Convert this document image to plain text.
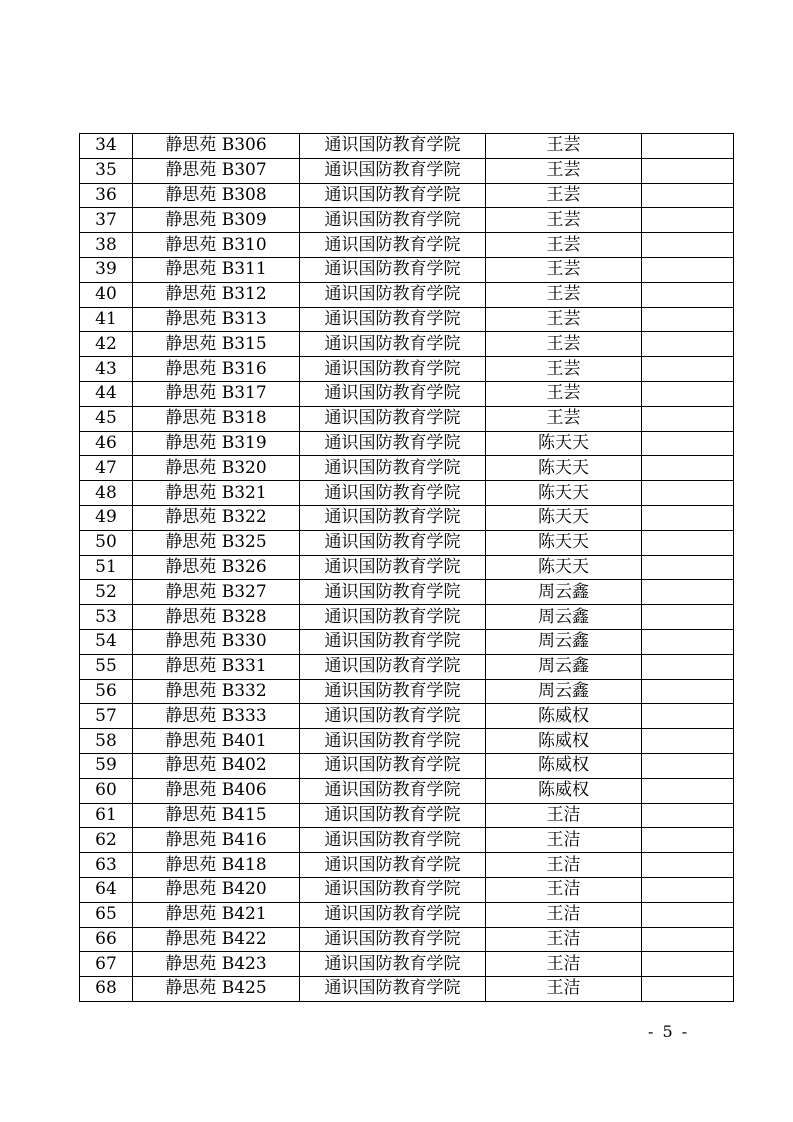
34	静思苑 B306	通识国防教育学院	王芸	
35	静思苑 B307	通识国防教育学院	王芸	
36	静思苑 B308	通识国防教育学院	王芸	
37	静思苑 B309	通识国防教育学院	王芸	
38	静思苑 B310	通识国防教育学院	王芸	
39	静思苑 B311	通识国防教育学院	王芸	
40	静思苑 B312	通识国防教育学院	王芸	
41	静思苑 B313	通识国防教育学院	王芸	
42	静思苑 B315	通识国防教育学院	王芸	
43	静思苑 B316	通识国防教育学院	王芸	
44	静思苑 B317	通识国防教育学院	王芸	
45	静思苑 B318	通识国防教育学院	王芸	
46	静思苑 B319	通识国防教育学院	陈天天	
47	静思苑 B320	通识国防教育学院	陈天天	
48	静思苑 B321	通识国防教育学院	陈天天	
49	静思苑 B322	通识国防教育学院	陈天天	
50	静思苑 B325	通识国防教育学院	陈天天	
51	静思苑 B326	通识国防教育学院	陈天天	
52	静思苑 B327	通识国防教育学院	周云鑫	
53	静思苑 B328	通识国防教育学院	周云鑫	
54	静思苑 B330	通识国防教育学院	周云鑫	
55	静思苑 B331	通识国防教育学院	周云鑫	
56	静思苑 B332	通识国防教育学院	周云鑫	
57	静思苑 B333	通识国防教育学院	陈威权	
58	静思苑 B401	通识国防教育学院	陈威权	
59	静思苑 B402	通识国防教育学院	陈威权	
60	静思苑 B406	通识国防教育学院	陈威权	
61	静思苑 B415	通识国防教育学院	王洁	
62	静思苑 B416	通识国防教育学院	王洁	
63	静思苑 B418	通识国防教育学院	王洁	
64	静思苑 B420	通识国防教育学院	王洁	
65	静思苑 B421	通识国防教育学院	王洁	
66	静思苑 B422	通识国防教育学院	王洁	
67	静思苑 B423	通识国防教育学院	王洁	
68	静思苑 B425	通识国防教育学院	王洁	
- 5 -
